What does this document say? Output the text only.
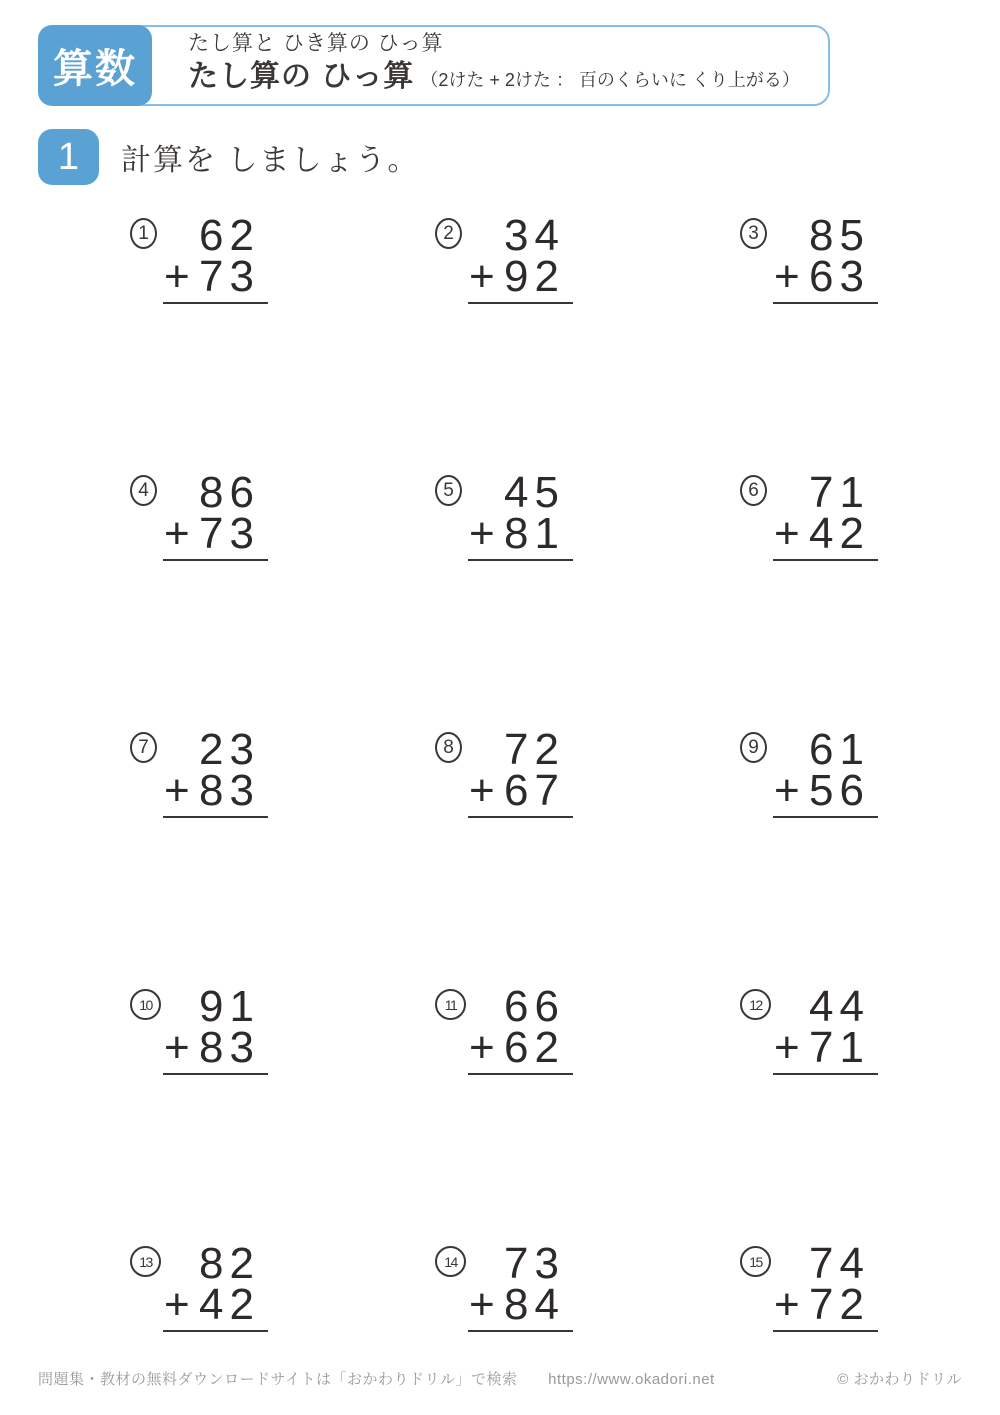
算数
たし算と ひき算の ひっ算
たし算の ひっ算 （2けた + 2けた ： 百のくらいに くり上がる）
1	計算を しましょう。
1	62
+ 73
2	34
+ 92
3	85
+ 63
4	86
+ 73
5	45
+ 81
6	71
+ 42
7	23
+ 83
8	72
+ 67
9	61
+ 56
10	91
+ 83
11	66
+ 62
12	44
+ 71
13	82
+ 42
14	73
+ 84
15	74
+ 72
問題集・教材の無料ダウンロードサイトは「おかわりドリル」で検索 https://www.okadori.net	© おかわりドリル
